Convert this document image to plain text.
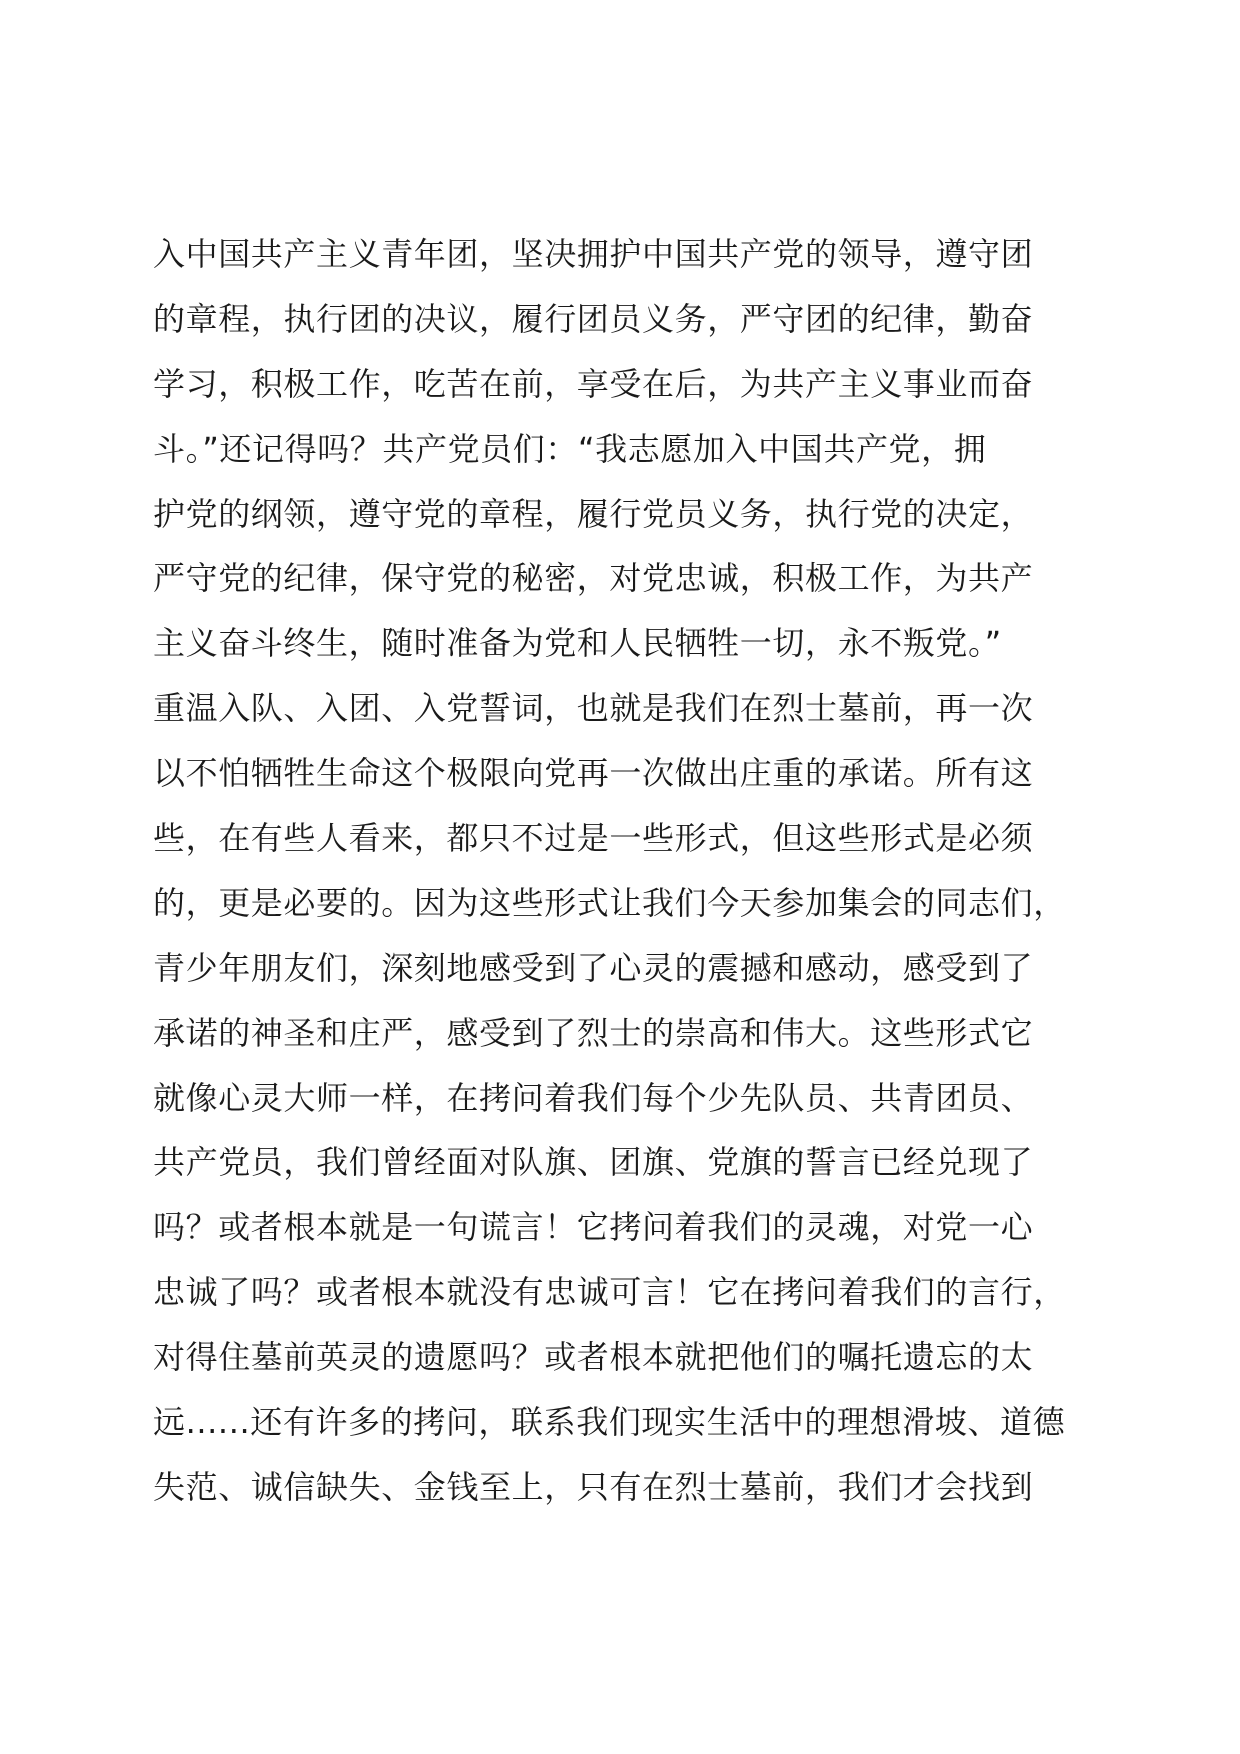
入中国共产主义青年团，坚决拥护中国共产党的领导，遵守团
的章程，执行团的决议，履行团员义务，严守团的纪律，勤奋
学习，积极工作，吃苦在前，享受在后，为共产主义事业而奋
斗。”还记得吗？共产党员们：“我志愿加入中国共产党，拥
护党的纲领，遵守党的章程，履行党员义务，执行党的决定，
严守党的纪律，保守党的秘密，对党忠诚，积极工作，为共产
主义奋斗终生，随时准备为党和人民牺牲一切，永不叛党。”
重温入队、入团、入党誓词，也就是我们在烈士墓前，再一次
以不怕牺牲生命这个极限向党再一次做出庄重的承诺。所有这
些，在有些人看来，都只不过是一些形式，但这些形式是必须
的，更是必要的。因为这些形式让我们今天参加集会的同志们，
青少年朋友们，深刻地感受到了心灵的震撼和感动，感受到了
承诺的神圣和庄严，感受到了烈士的崇高和伟大。这些形式它
就像心灵大师一样，在拷问着我们每个少先队员、共青团员、
共产党员，我们曾经面对队旗、团旗、党旗的誓言已经兑现了
吗？或者根本就是一句谎言！它拷问着我们的灵魂，对党一心
忠诚了吗？或者根本就没有忠诚可言！它在拷问着我们的言行，
对得住墓前英灵的遗愿吗？或者根本就把他们的嘱托遗忘的太
远......还有许多的拷问，联系我们现实生活中的理想滑坡、道德
失范、诚信缺失、金钱至上，只有在烈士墓前，我们才会找到
